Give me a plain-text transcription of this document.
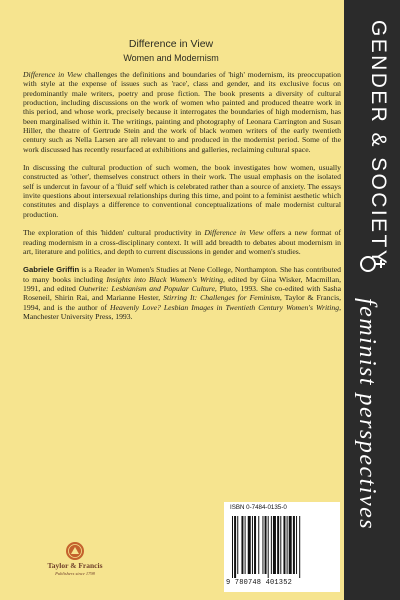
Difference in View
Women and Modernism

Difference in View challenges the definitions and boundaries of 'high' modernism, its preoccupation with style at the expense of issues such as 'race', class and gender, and its exclusive focus on predominantly male writers, poetry and prose fiction. The book presents a diversity of cultural production, including discussions on the work of women who painted and produced theatre work in this period, and whose work, precisely because it interrogates the boundaries of high modernism, has been marginalised within it. The writings, painting and photography of Leonara Carrington and Susan Hiller, the theatre of Gertrude Stein and the work of black women writers of the early twentieth century such as Nella Larsen are all relevant to and produced in the modernist period. Some of the work discussed has recently resurfaced at exhibitions and galleries, reclaiming cultural space.

In discussing the cultural production of such women, the book investigates how women, usually constructed as 'other', themselves construct others in their work. The usual emphasis on the isolated self is undercut in favour of a 'fluid' self which is celebrated rather than a source of anxiety. The essays invite questions about intersexual relationships during this time, and point to a feminist aesthetic which constitutes and displays a difference to conventional conceptualizations of male modernist cultural production.

The exploration of this 'hidden' cultural productivity in Difference in View offers a new format of reading modernism in a cross-disciplinary context. It will add breadth to debates about modernism in art, literature and politics, and depth to current discussions in gender and women's studies.

Gabriele Griffin is a Reader in Women's Studies at Nene College, Northampton. She has contributed to many books including Insights into Black Women's Writing, edited by Gina Wisker, Macmillan, 1991, and edited Outwrite: Lesbianism and Popular Culture, Pluto, 1993. She co-edited with Sasha Roseneil, Shirin Rai, and Marianne Hester, Stirring It: Challenges for Feminism, Taylor & Francis, 1994, and is the author of Heavenly Love? Lesbian Images in Twentieth Century Women's Writing, Manchester University Press, 1993.

Taylor & Francis
Publishers since 1798
ISBN 0-7484-0135-0
9 780748 401352
GENDER & SOCIETY
feminist perspectives
